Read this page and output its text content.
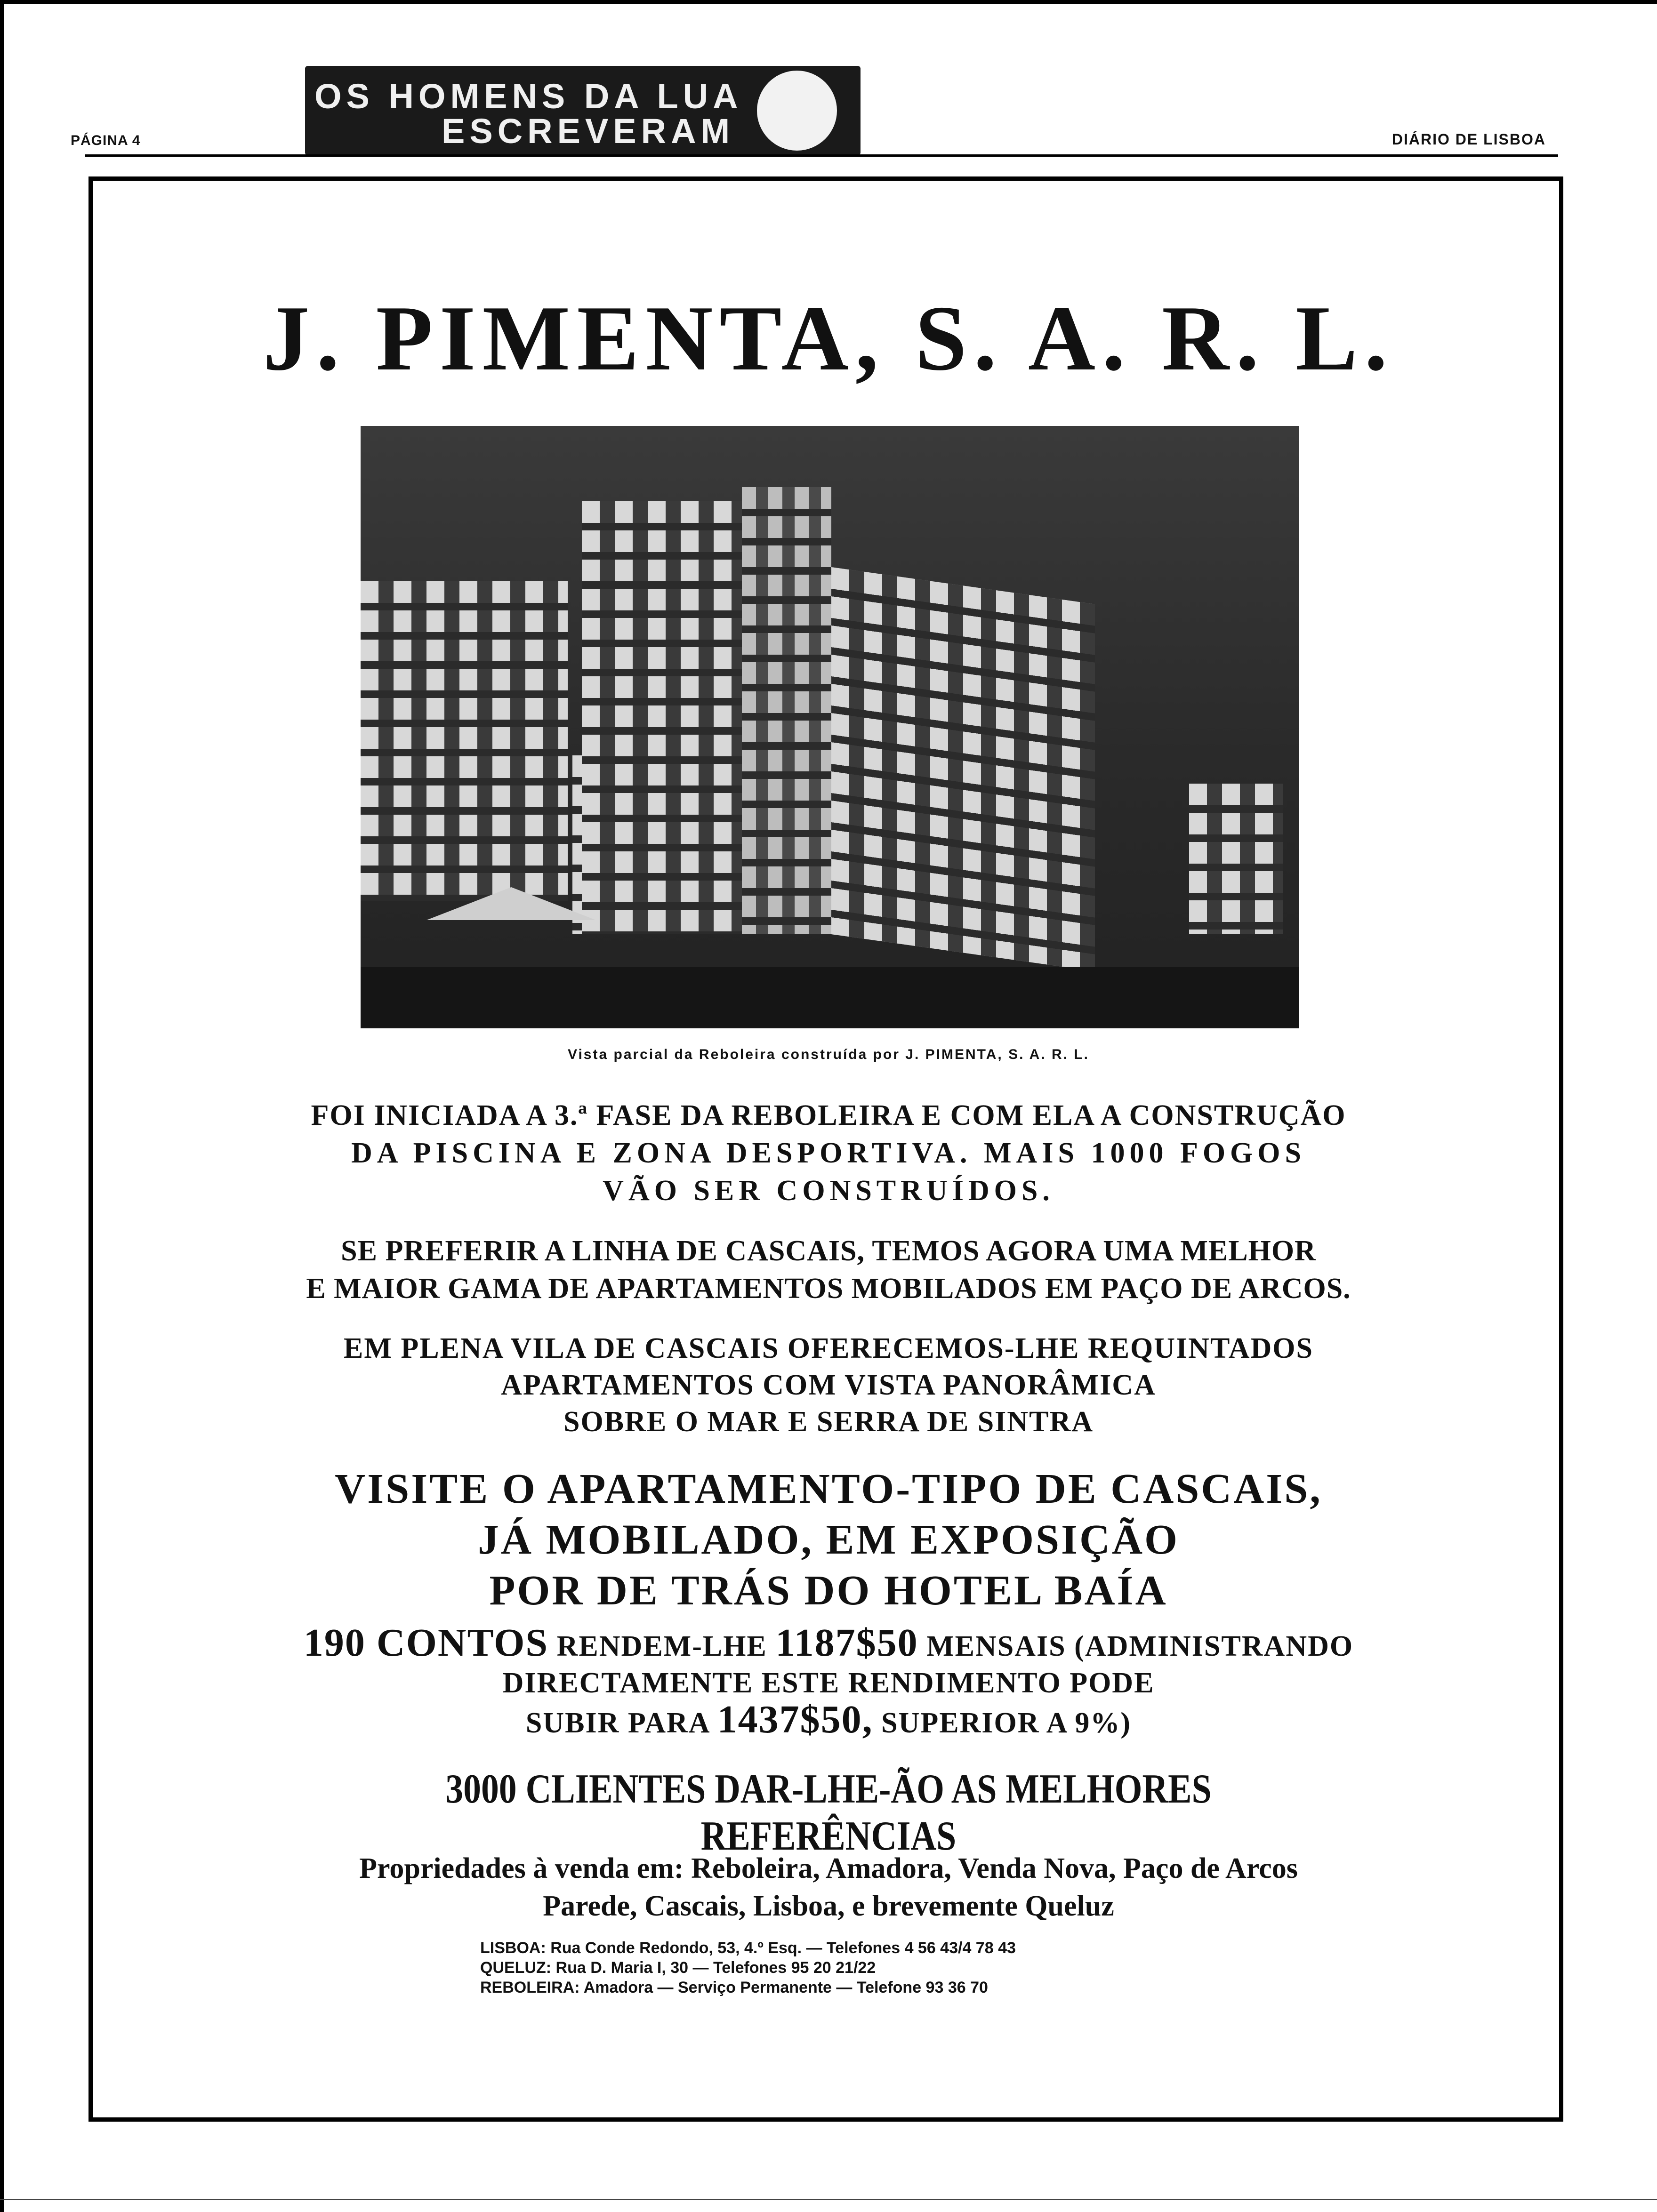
PÁGINA 4
OS HOMENS DA LUA
ESCREVERAM	DIÁRIO DE LISBOA
J. PIMENTA, S. A. R. L.
Vista parcial da Reboleira construída por J. PIMENTA, S. A. R. L.
FOI INICIADA A 3.ª FASE DA REBOLEIRA E COM ELA A CONSTRUÇÃO
DA PISCINA E ZONA DESPORTIVA. MAIS 1000 FOGOS
VÃO SER CONSTRUÍDOS.
SE PREFERIR A LINHA DE CASCAIS, TEMOS AGORA UMA MELHOR
E MAIOR GAMA DE APARTAMENTOS MOBILADOS EM PAÇO DE ARCOS.
EM PLENA VILA DE CASCAIS OFERECEMOS-LHE REQUINTADOS
APARTAMENTOS COM VISTA PANORÂMICA
SOBRE O MAR E SERRA DE SINTRA
VISITE O APARTAMENTO-TIPO DE CASCAIS,
JÁ MOBILADO, EM EXPOSIÇÃO
POR DE TRÁS DO HOTEL BAÍA
190 CONTOS RENDEM-LHE 1187$50 MENSAIS (ADMINISTRANDO
DIRECTAMENTE ESTE RENDIMENTO PODE
SUBIR PARA 1437$50, SUPERIOR A 9%)
3000 CLIENTES DAR-LHE-ÃO AS MELHORES REFERÊNCIAS
Propriedades à venda em: Reboleira, Amadora, Venda Nova, Paço de Arcos
Parede, Cascais, Lisboa, e brevemente Queluz
LISBOA: Rua Conde Redondo, 53, 4.º Esq. — Telefones 4 56 43/4 78 43
QUELUZ: Rua D. Maria I, 30 — Telefones 95 20 21/22
REBOLEIRA: Amadora — Serviço Permanente — Telefone 93 36 70
